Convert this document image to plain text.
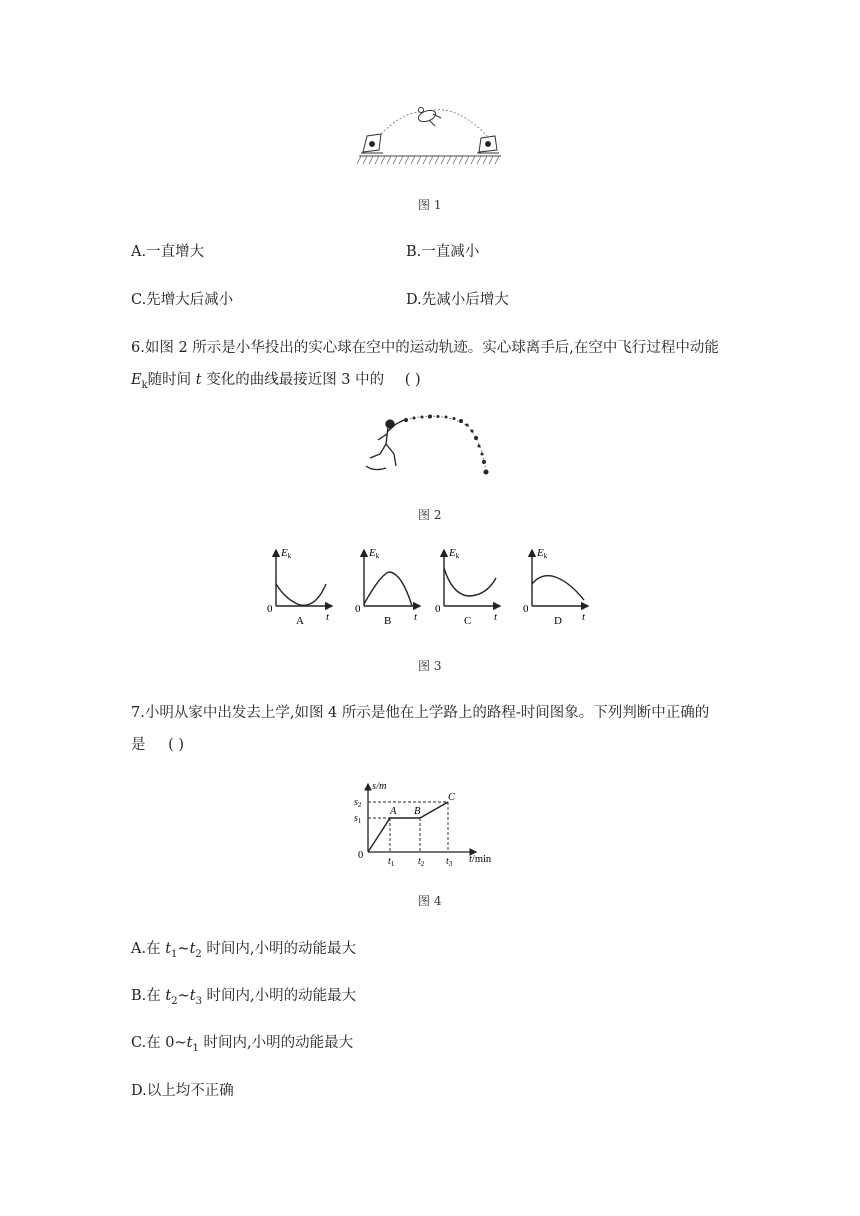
图 1
A.一直增大	B.一直减小
C.先增大后减小	D.先减小后增大
6.如图 2 所示是小华投出的实心球在空中的运动轨迹。实心球离手后,在空中飞行过程中动能
$E_k$随时间 t 变化的曲线最接近图 3 中的 ( )
图 2
Ek
0
t
A
Ek
0
t
B
Ek
0
t
C
Ek
0
t
D
图 3
7.小明从家中出发去上学,如图 4 所示是他在上学路上的路程-时间图象。下列判断中正确的
是 ( )
s/m
$s_2$
$s_1$
0
$t_1$ $t_2$ $t_3$ t/min
A B
C
图 4
A.在 $t_1\sim t_2$ 时间内,小明的动能最大
B.在 $t_2\sim t_3$ 时间内,小明的动能最大
C.在 $0\sim t_1$ 时间内,小明的动能最大
D.以上均不正确
